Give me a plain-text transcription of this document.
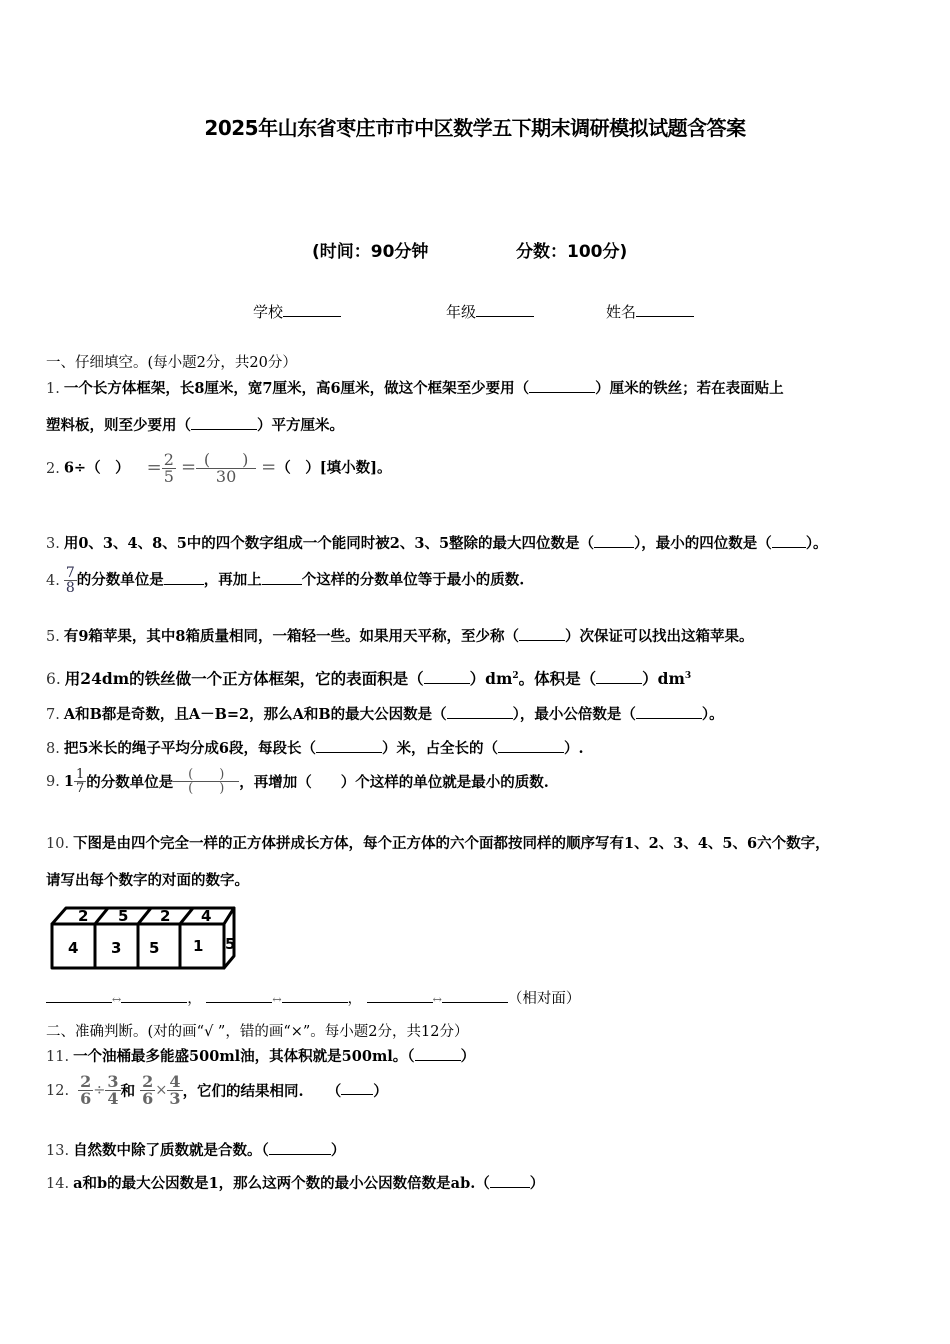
2025年山东省枣庄市市中区数学五下期末调研模拟试题含答案
(时间：90分钟	分数：100分)
学校	年级	姓名
一、仔细填空。(每小题2分，共20分）
1. 一个长方体框架，长8厘米，宽7厘米，高6厘米，做这个框架至少要用（	）厘米的铁丝；若在表面贴上
塑料板，则至少要用（	）平方厘米。
2. 6÷（　） = $\frac{2}{5} = \frac{( )}{30}$ =（　）[填小数]。
3. 用0、3、4、8、5中的四个数字组成一个能同时被2、3、5整除的最大四位数是（	），最小的四位数是（ ）。
4. $\frac{7}{8}$ 的分数单位是	，再加上	个这样的分数单位等于最小的质数.
5. 有9箱苹果，其中8箱质量相同，一箱轻一些。如果用天平称，至少称（	）次保证可以找出这箱苹果。
6. 用24dm的铁丝做一个正方体框架，它的表面积是（	）$dm^2$。体积是（	）$dm^3$
7. A和B都是奇数，且A－B=2，那么A和B的最大公因数是（	），最小公倍数是（	）。
8. 把5米长的绳子平均分成6段，每段长（	）米，占全长的（	）.
9. $1 \frac{1}{7}$ 的分数单位是 $\frac{( )}{( )}$ ，再增加（　　）个这样的单位就是最小的质数.
10. 下图是由四个完全一样的正方体拼成长方体，每个正方体的六个面都按同样的顺序写有1、2、3、4、5、6六个数字，
请写出每个数字的对面的数字。
2 5 2 4
4 3 5 1 5
↔	，	↔	，	↔	（相对面）
二、准确判断。(对的画“√ ”，错的画“×”。每小题2分，共12分）
11. 一个油桶最多能盛500ml油，其体积就是500ml。（	）
12. $\frac{2}{6} \div \frac{3}{4}$ 和 $\frac{2}{6} \times \frac{4}{3}$ ，它们的结果相同. （ ）
13. 自然数中除了质数就是合数。（	）
14. a和b的最大公因数是1，那么这两个数的最小公因数倍数是ab.（	）
